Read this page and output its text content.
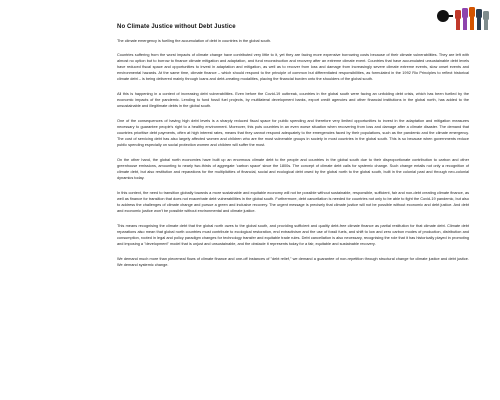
No Climate Justice without Debt Justice

The climate emergency is fuelling the accumulation of debt in countries in the global south.

Countries suffering from the worst impacts of climate change have contributed very little to it, yet they are facing more expensive borrowing costs because of their climate vulnerabilities. They are left with almost no option but to borrow to finance climate mitigation and adaptation, and fund reconstruction and recovery after an extreme climate event. Countries that have accumulated unsustainable debt levels have reduced fiscal space and opportunities to invest in adaptation and mitigation, as well as to recover from loss and damage from increasingly severe climate extreme events, slow onset events and environmental hazards. At the same time, climate finance – which should respond to the principle of common but differentiated responsibilities, as formulated in the 1992 Rio Principles to reflect historical climate debt – is being delivered mainly through loans and debt-creating modalities, placing the financial burden onto the shoulders of the global south.

All this is happening in a context of increasing debt vulnerabilities. Even before the Covid-19 outbreak, countries in the global south were facing an unfolding debt crisis, which has been fuelled by the economic impacts of the pandemic. Lending to fund fossil fuel projects, by multilateral development banks, export credit agencies and other financial institutions in the global north, has added to the unsustainable and illegitimate debts in the global south.

One of the consequences of having high debt levels is a sharply reduced fiscal space for public spending and therefore very limited opportunities to invest in the adaptation and mitigation measures necessary to guarantee people's right to a healthy environment. Moreover, this puts countries in an even worse situation when recovering from loss and damage after a climate disaster. The demand that countries prioritise debt payments, often at high interest rates, means that they cannot respond adequately to the emergencies faced by their populations, such as the pandemic and the climate emergency. The cost of servicing debt has also largely affected women and children who are the most vulnerable groups in society in most countries in the global south. This is so because when governments reduce public spending especially on social protection women and children will suffer the most.

On the other hand, the global north economies have built up an enormous climate debt to the people and countries in the global south due to their disproportionate contribution to carbon and other greenhouse emissions, amounting to nearly two-thirds of aggregate 'carbon space' since the 1800s. The concept of climate debt calls for systemic change. Such change entails not only a recognition of climate debt, but also restitution and reparations for the multiplicities of financial, social and ecological debt owed by the global north to the global south, built in the colonial past and through neo-colonial dynamics today.

In this context, the need to transition globally towards a more sustainable and equitable economy will not be possible without sustainable, responsible, sufficient, fair and non-debt creating climate finance, as well as finance for transition that does not exacerbate debt vulnerabilities in the global south. Furthermore, debt cancellation is needed for countries not only to be able to fight the Covid-19 pandemic, but also to address the challenges of climate change and pursue a green and inclusive recovery. The urgent message is precisely that climate justice will not be possible without economic and debt justice. And debt and economic justice won't be possible without environmental and climate justice.

This means recognising the climate debt that the global north owes to the global south, and providing sufficient and quality debt-free climate finance as partial restitution for that climate debt. Climate debt reparations also mean that global north countries must contribute to ecological restoration, end extractivism and the use of fossil fuels, and shift to low and zero carbon modes of production, distribution and consumption, rooted in legal and policy paradigm changes for technology transfer and equitable trade rules. Debt cancellation is also necessary, recognising the role that it has historically played in promoting and imposing a "development" model that is unjust and unsustainable, and the obstacle it represents today for a fair, equitable and sustainable recovery.

We demand much more than piecemeal flows of climate finance and one-off instances of "debt relief," we demand a guarantee of non-repetition through structural change for climate justice and debt justice. We demand systemic change.
